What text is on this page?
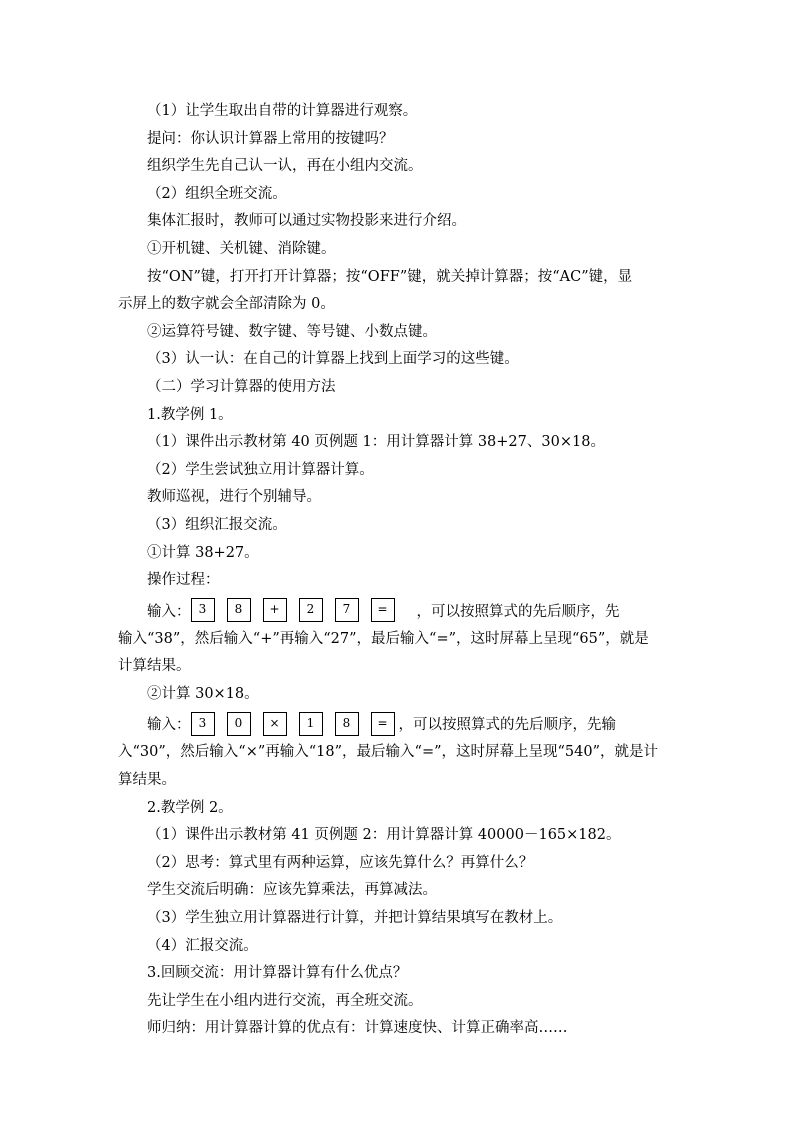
（1）让学生取出自带的计算器进行观察。
提问：你认识计算器上常用的按键吗？
组织学生先自己认一认，再在小组内交流。
（2）组织全班交流。
集体汇报时，教师可以通过实物投影来进行介绍。
①开机键、关机键、消除键。
按“ON”键，打开打开计算器；按“OFF”键，就关掉计算器；按“AC”键，显
示屏上的数字就会全部清除为 0。
②运算符号键、数字键、等号键、小数点键。
（3）认一认：在自己的计算器上找到上面学习的这些键。
（二）学习计算器的使用方法
1.教学例 1。
（1）课件出示教材第 40 页例题 1：用计算器计算 38+27、30×18。
（2）学生尝试独立用计算器计算。
教师巡视，进行个别辅导。
（3）组织汇报交流。
①计算 38+27。
操作过程：
输入： 3	8	+	2	7	=	，可以按照算式的先后顺序，先
输入“38”，然后输入“+”再输入“27”，最后输入“=”，这时屏幕上呈现“65”，就是
计算结果。
②计算 30×18。
输入： 3	0	×	1	8	= ，可以按照算式的先后顺序，先输
入“30”，然后输入“×”再输入“18”，最后输入“=”，这时屏幕上呈现“540”，就是计
算结果。
2.教学例 2。
（1）课件出示教材第 41 页例题 2：用计算器计算 40000－165×182。
（2）思考：算式里有两种运算，应该先算什么？再算什么？
学生交流后明确：应该先算乘法，再算减法。
（3）学生独立用计算器进行计算，并把计算结果填写在教材上。
（4）汇报交流。
3.回顾交流：用计算器计算有什么优点？
先让学生在小组内进行交流，再全班交流。
师归纳：用计算器计算的优点有：计算速度快、计算正确率高……
